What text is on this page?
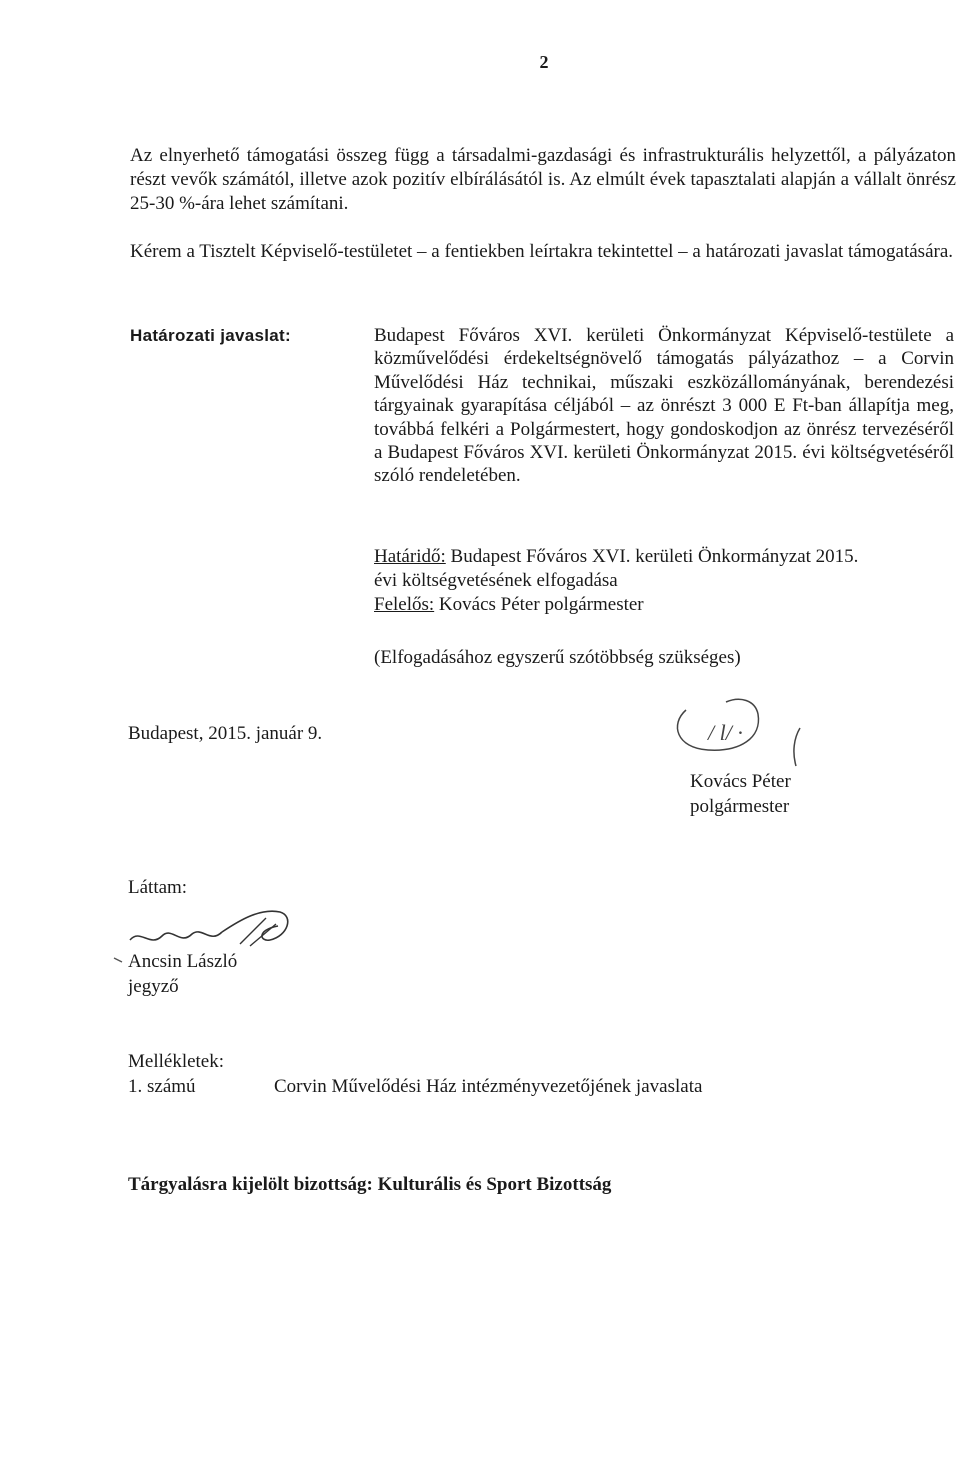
2
Az elnyerhető támogatási összeg függ a társadalmi-gazdasági és infrastrukturális helyzettől, a pályázaton részt vevők számától, illetve azok pozitív elbírálásától is. Az elmúlt évek tapasztalati alapján a vállalt önrész 25-30 %-ára lehet számítani.
Kérem a Tisztelt Képviselő-testületet – a fentiekben leírtakra tekintettel – a határozati javaslat támogatására.
Határozati javaslat:	Budapest Főváros XVI. kerületi Önkormányzat Képviselő-testülete a közművelődési érdekeltségnövelő támogatás pályázathoz – a Corvin Művelődési Ház technikai, műszaki eszközállományának, berendezési tárgyainak gyarapítása céljából – az önrészt 3 000 E Ft-ban állapítja meg, továbbá felkéri a Polgármestert, hogy gondoskodjon az önrész tervezéséről a Budapest Főváros XVI. kerületi Önkormányzat 2015. évi költségvetéséről szóló rendeletében.
Határidő: Budapest Főváros XVI. kerületi Önkormányzat 2015.
évi költségvetésének elfogadása
Felelős: Kovács Péter polgármester
(Elfogadásához egyszerű szótöbbség szükséges)
Budapest, 2015. január 9.	/ l/ ·
Kovács Péter
polgármester
Láttam:
Ancsin László
jegyző
Mellékletek:
1. számú	Corvin Művelődési Ház intézményvezetőjének javaslata
Tárgyalásra kijelölt bizottság: Kulturális és Sport Bizottság
